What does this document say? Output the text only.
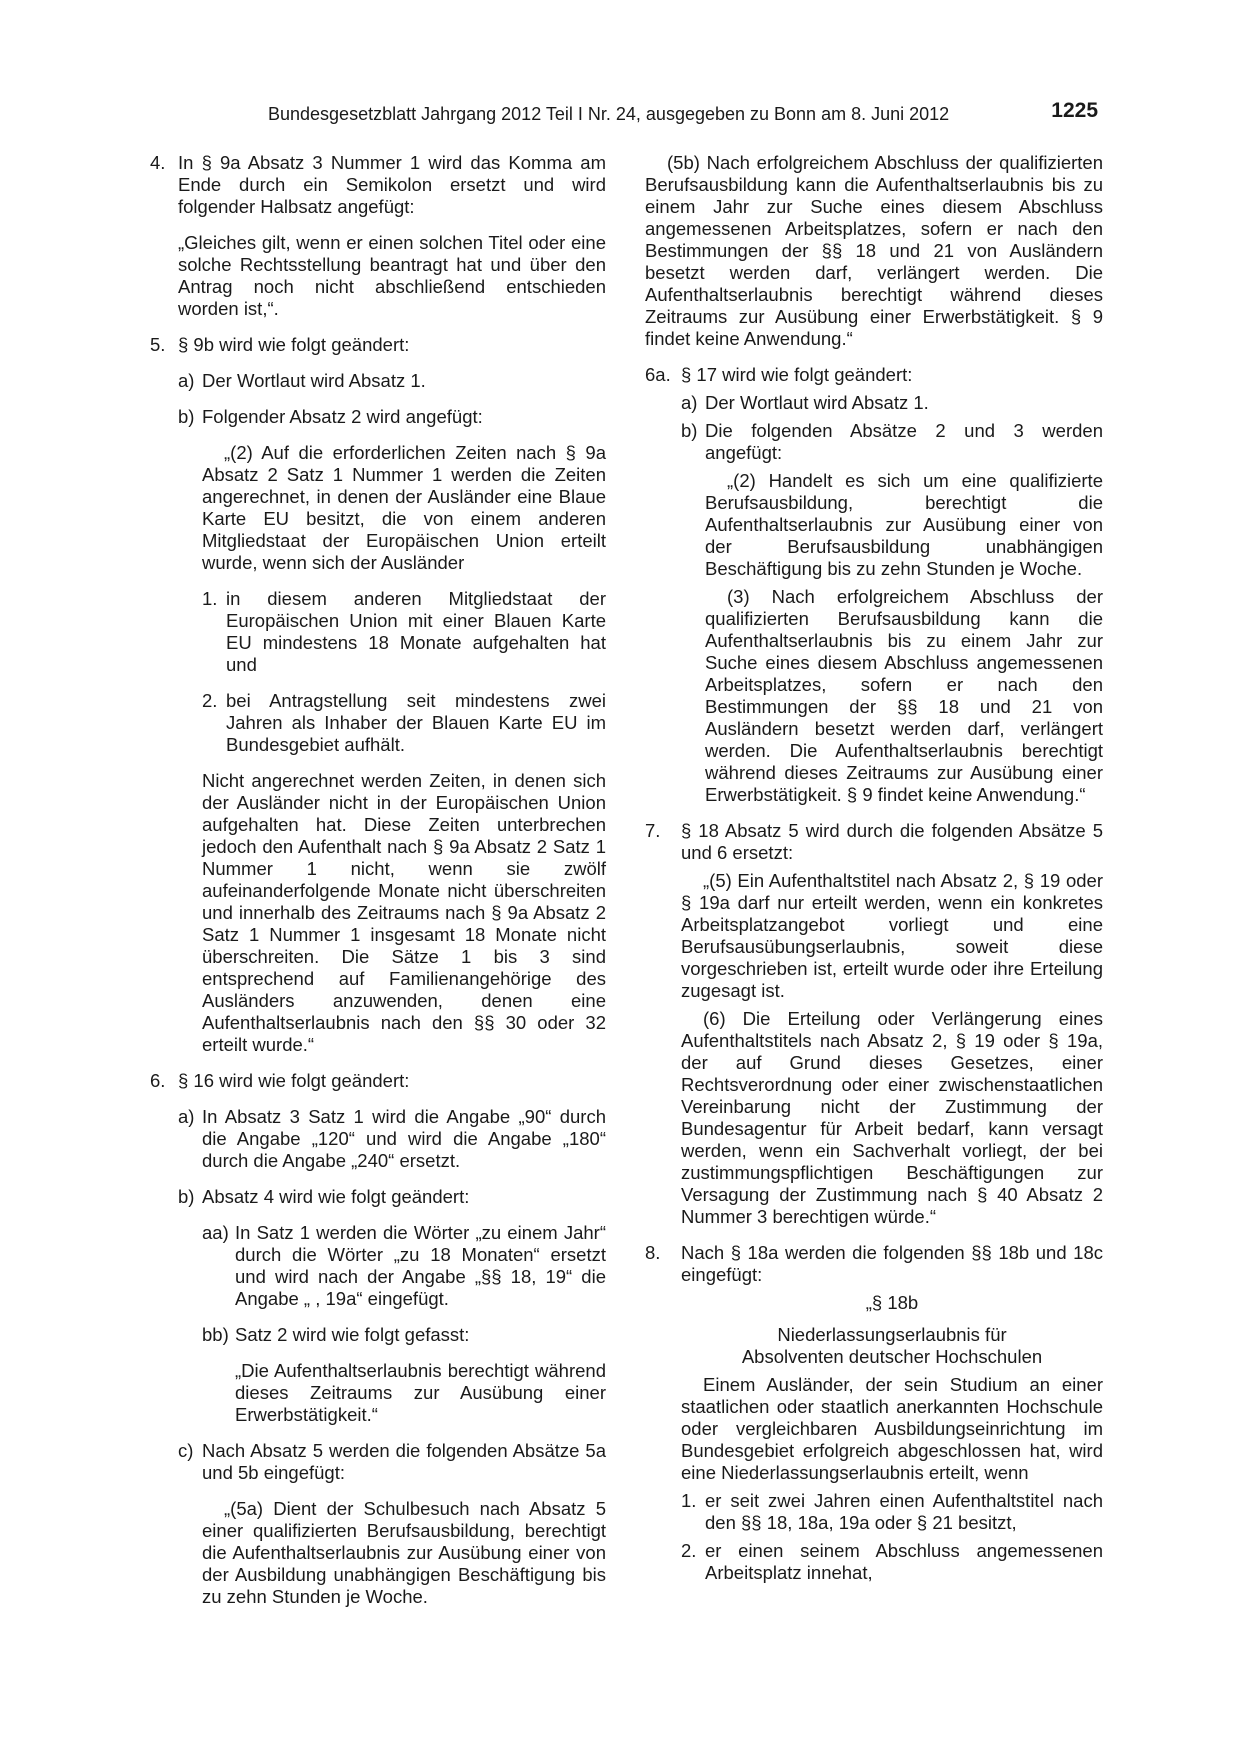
Bundesgesetzblatt Jahrgang 2012 Teil I Nr. 24, ausgegeben zu Bonn am 8. Juni 2012	1225
4. In § 9a Absatz 3 Nummer 1 wird das Komma am Ende durch ein Semikolon ersetzt und wird folgender Halbsatz angefügt:
„Gleiches gilt, wenn er einen solchen Titel oder eine solche Rechtsstellung beantragt hat und über den Antrag noch nicht abschließend entschieden worden ist,“.
5. § 9b wird wie folgt geändert:
a) Der Wortlaut wird Absatz 1.
b) Folgender Absatz 2 wird angefügt:
„(2) Auf die erforderlichen Zeiten nach § 9a Absatz 2 Satz 1 Nummer 1 werden die Zeiten angerechnet, in denen der Ausländer eine Blaue Karte EU besitzt, die von einem anderen Mitgliedstaat der Europäischen Union erteilt wurde, wenn sich der Ausländer
1. in diesem anderen Mitgliedstaat der Europäischen Union mit einer Blauen Karte EU mindestens 18 Monate aufgehalten hat und
2. bei Antragstellung seit mindestens zwei Jahren als Inhaber der Blauen Karte EU im Bundesgebiet aufhält.
Nicht angerechnet werden Zeiten, in denen sich der Ausländer nicht in der Europäischen Union aufgehalten hat. Diese Zeiten unterbrechen jedoch den Aufenthalt nach § 9a Absatz 2 Satz 1 Nummer 1 nicht, wenn sie zwölf aufeinanderfolgende Monate nicht überschreiten und innerhalb des Zeitraums nach § 9a Absatz 2 Satz 1 Nummer 1 insgesamt 18 Monate nicht überschreiten. Die Sätze 1 bis 3 sind entsprechend auf Familienangehörige des Ausländers anzuwenden, denen eine Aufenthaltserlaubnis nach den §§ 30 oder 32 erteilt wurde.“
6. § 16 wird wie folgt geändert:
a) In Absatz 3 Satz 1 wird die Angabe „90“ durch die Angabe „120“ und wird die Angabe „180“ durch die Angabe „240“ ersetzt.
b) Absatz 4 wird wie folgt geändert:
aa) In Satz 1 werden die Wörter „zu einem Jahr“ durch die Wörter „zu 18 Monaten“ ersetzt und wird nach der Angabe „§§ 18, 19“ die Angabe „ , 19a“ eingefügt.
bb) Satz 2 wird wie folgt gefasst:
„Die Aufenthaltserlaubnis berechtigt während dieses Zeitraums zur Ausübung einer Erwerbstätigkeit.“
c) Nach Absatz 5 werden die folgenden Absätze 5a und 5b eingefügt:
„(5a) Dient der Schulbesuch nach Absatz 5 einer qualifizierten Berufsausbildung, berechtigt die Aufenthaltserlaubnis zur Ausübung einer von der Ausbildung unabhängigen Beschäftigung bis zu zehn Stunden je Woche.
(5b) Nach erfolgreichem Abschluss der qualifizierten Berufsausbildung kann die Aufenthaltserlaubnis bis zu einem Jahr zur Suche eines diesem Abschluss angemessenen Arbeitsplatzes, sofern er nach den Bestimmungen der §§ 18 und 21 von Ausländern besetzt werden darf, verlängert werden. Die Aufenthaltserlaubnis berechtigt während dieses Zeitraums zur Ausübung einer Erwerbstätigkeit. § 9 findet keine Anwendung.“
6a. § 17 wird wie folgt geändert:
a) Der Wortlaut wird Absatz 1.
b) Die folgenden Absätze 2 und 3 werden angefügt:
„(2) Handelt es sich um eine qualifizierte Berufsausbildung, berechtigt die Aufenthaltserlaubnis zur Ausübung einer von der Berufsausbildung unabhängigen Beschäftigung bis zu zehn Stunden je Woche.
(3) Nach erfolgreichem Abschluss der qualifizierten Berufsausbildung kann die Aufenthaltserlaubnis bis zu einem Jahr zur Suche eines diesem Abschluss angemessenen Arbeitsplatzes, sofern er nach den Bestimmungen der §§ 18 und 21 von Ausländern besetzt werden darf, verlängert werden. Die Aufenthaltserlaubnis berechtigt während dieses Zeitraums zur Ausübung einer Erwerbstätigkeit. § 9 findet keine Anwendung.“
7. § 18 Absatz 5 wird durch die folgenden Absätze 5 und 6 ersetzt:
„(5) Ein Aufenthaltstitel nach Absatz 2, § 19 oder § 19a darf nur erteilt werden, wenn ein konkretes Arbeitsplatzangebot vorliegt und eine Berufsausübungserlaubnis, soweit diese vorgeschrieben ist, erteilt wurde oder ihre Erteilung zugesagt ist.
(6) Die Erteilung oder Verlängerung eines Aufenthaltstitels nach Absatz 2, § 19 oder § 19a, der auf Grund dieses Gesetzes, einer Rechtsverordnung oder einer zwischenstaatlichen Vereinbarung nicht der Zustimmung der Bundesagentur für Arbeit bedarf, kann versagt werden, wenn ein Sachverhalt vorliegt, der bei zustimmungspflichtigen Beschäftigungen zur Versagung der Zustimmung nach § 40 Absatz 2 Nummer 3 berechtigen würde.“
8. Nach § 18a werden die folgenden §§ 18b und 18c eingefügt:
„§ 18b
Niederlassungserlaubnis für
Absolventen deutscher Hochschulen
Einem Ausländer, der sein Studium an einer staatlichen oder staatlich anerkannten Hochschule oder vergleichbaren Ausbildungseinrichtung im Bundesgebiet erfolgreich abgeschlossen hat, wird eine Niederlassungserlaubnis erteilt, wenn
1. er seit zwei Jahren einen Aufenthaltstitel nach den §§ 18, 18a, 19a oder § 21 besitzt,
2. er einen seinem Abschluss angemessenen Arbeitsplatz innehat,
